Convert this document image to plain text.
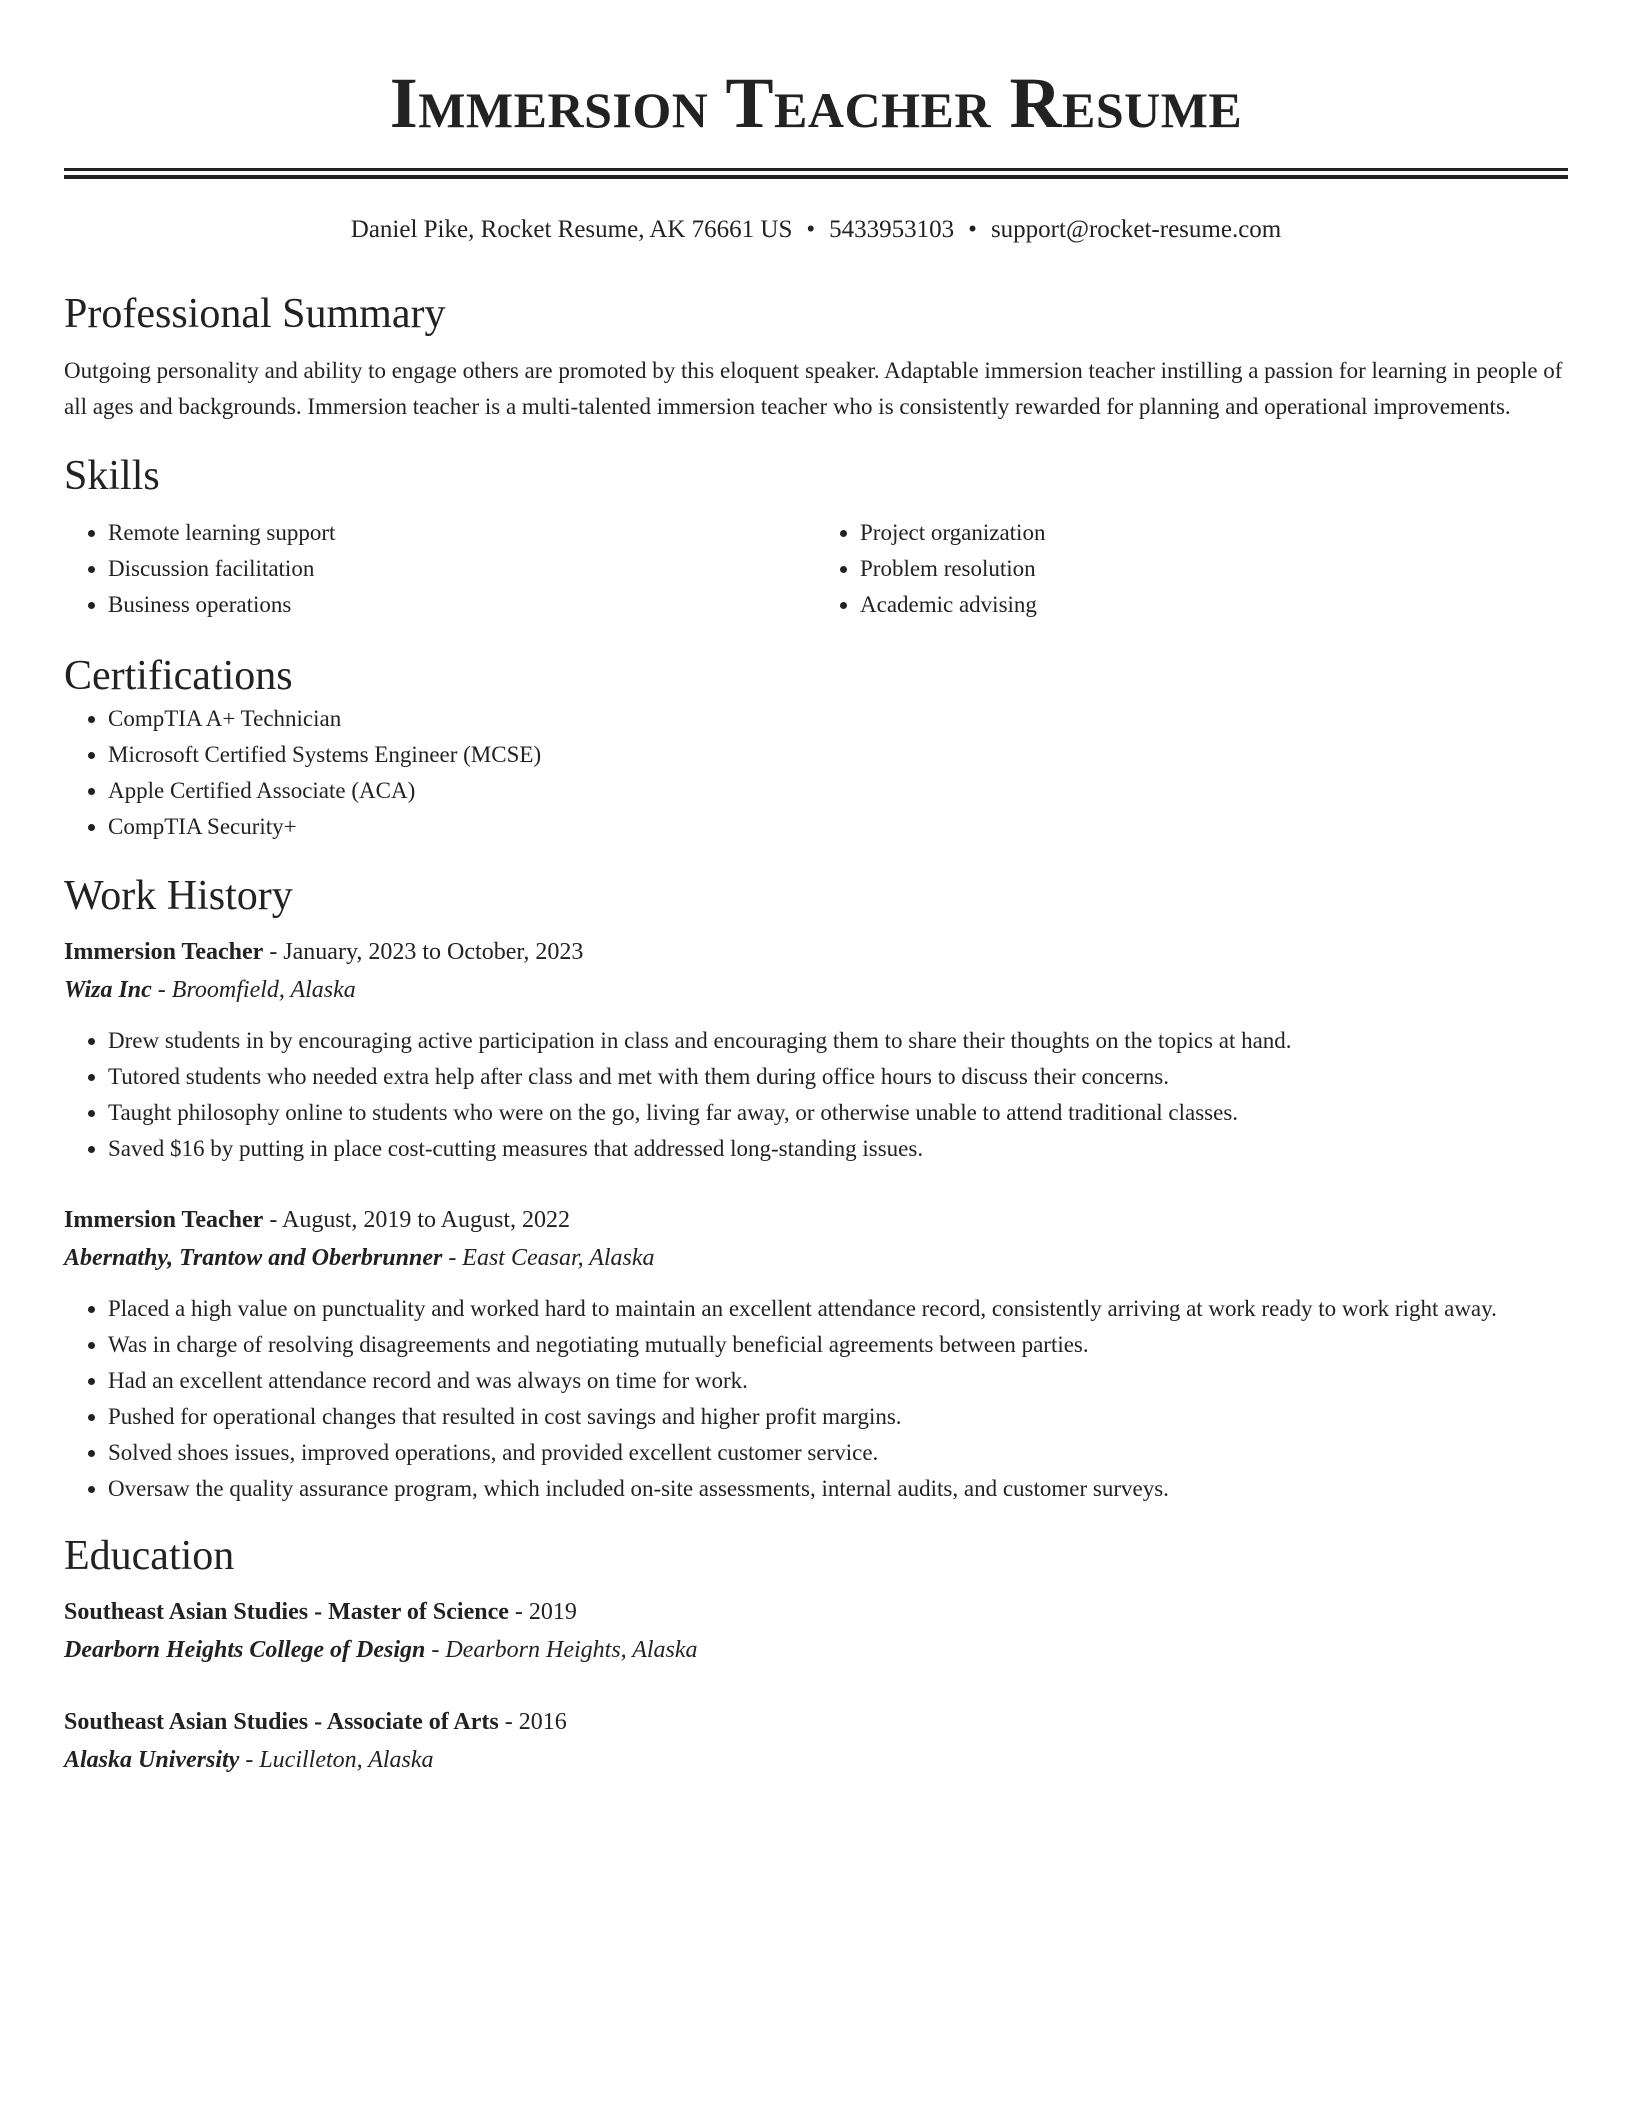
Immersion Teacher Resume
Daniel Pike, Rocket Resume, AK 76661 US • 5433953103 • support@rocket-resume.com
Professional Summary
Outgoing personality and ability to engage others are promoted by this eloquent speaker. Adaptable immersion teacher instilling a passion for learning in people of all ages and backgrounds. Immersion teacher is a multi-talented immersion teacher who is consistently rewarded for planning and operational improvements.
Skills
• Remote learning support
• Discussion facilitation
• Business operations
• Project organization
• Problem resolution
• Academic advising
Certifications
• CompTIA A+ Technician
• Microsoft Certified Systems Engineer (MCSE)
• Apple Certified Associate (ACA)
• CompTIA Security+
Work History
Immersion Teacher - January, 2023 to October, 2023
Wiza Inc - Broomfield, Alaska
• Drew students in by encouraging active participation in class and encouraging them to share their thoughts on the topics at hand.
• Tutored students who needed extra help after class and met with them during office hours to discuss their concerns.
• Taught philosophy online to students who were on the go, living far away, or otherwise unable to attend traditional classes.
• Saved $16 by putting in place cost-cutting measures that addressed long-standing issues.
Immersion Teacher - August, 2019 to August, 2022
Abernathy, Trantow and Oberbrunner - East Ceasar, Alaska
• Placed a high value on punctuality and worked hard to maintain an excellent attendance record, consistently arriving at work ready to work right away.
• Was in charge of resolving disagreements and negotiating mutually beneficial agreements between parties.
• Had an excellent attendance record and was always on time for work.
• Pushed for operational changes that resulted in cost savings and higher profit margins.
• Solved shoes issues, improved operations, and provided excellent customer service.
• Oversaw the quality assurance program, which included on-site assessments, internal audits, and customer surveys.
Education
Southeast Asian Studies - Master of Science - 2019
Dearborn Heights College of Design - Dearborn Heights, Alaska
Southeast Asian Studies - Associate of Arts - 2016
Alaska University - Lucilleton, Alaska
